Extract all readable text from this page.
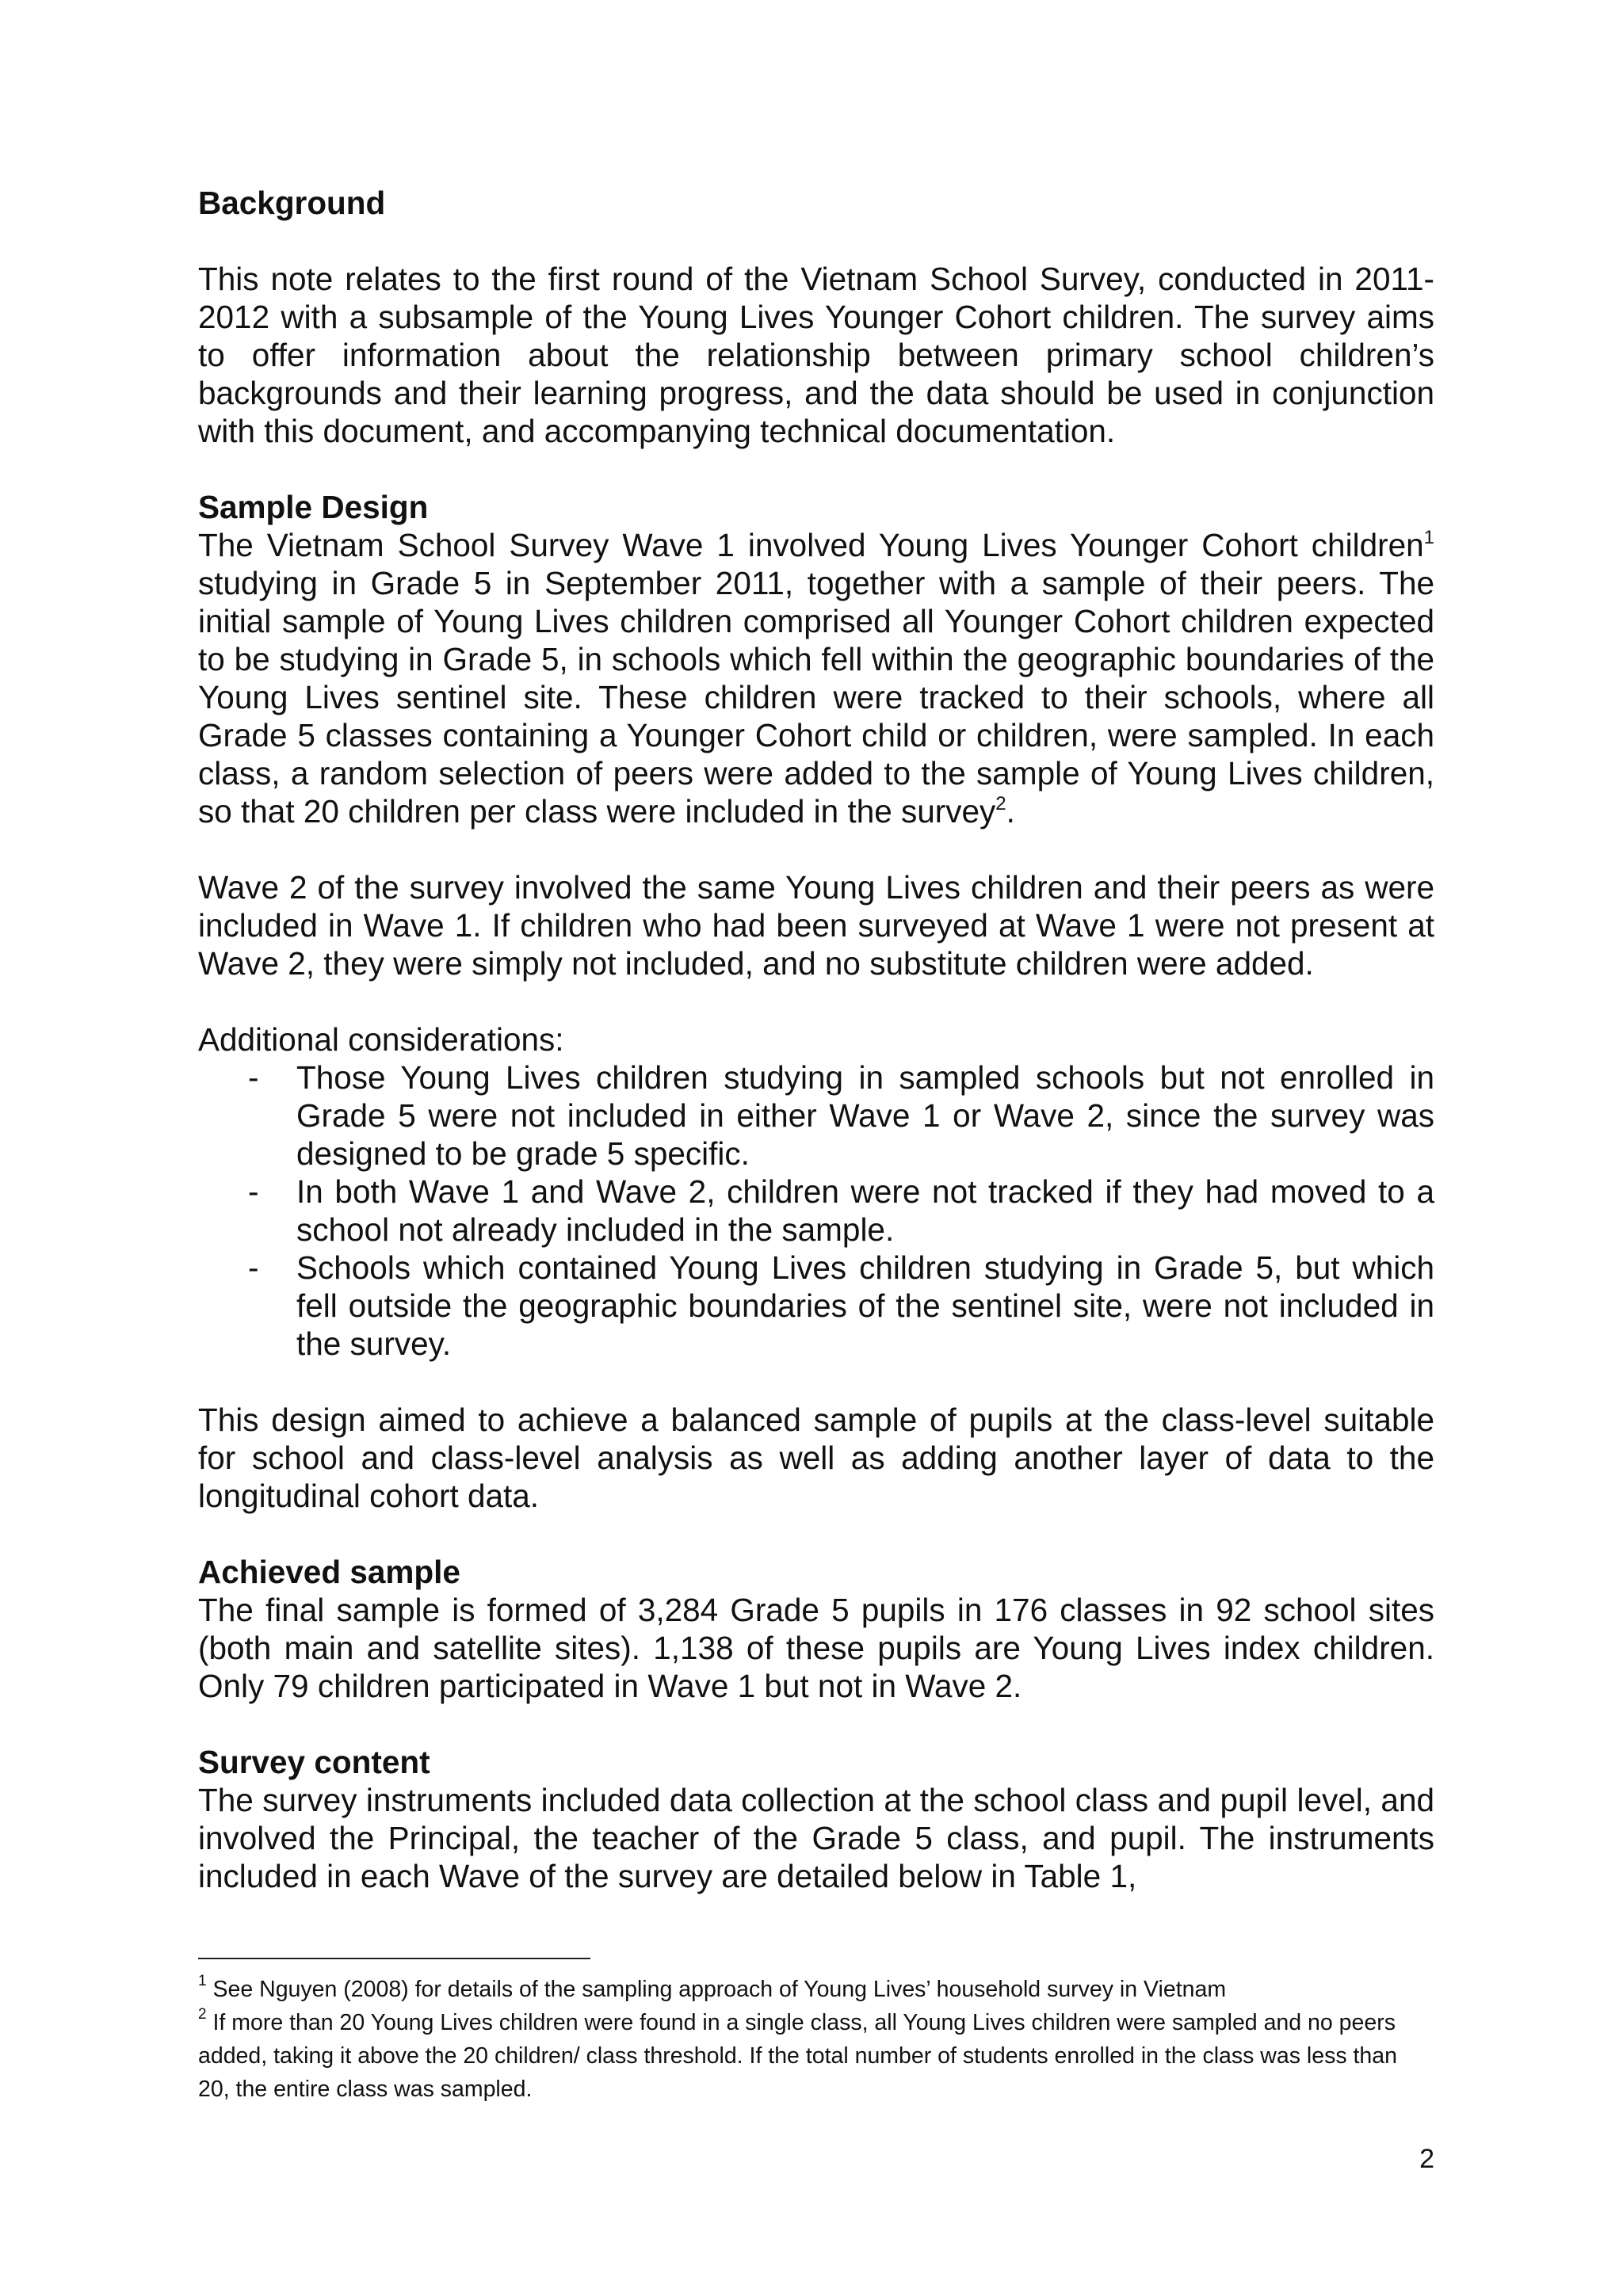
Background

This note relates to the first round of the Vietnam School Survey, conducted in 2011-2012 with a subsample of the Young Lives Younger Cohort children. The survey aims to offer information about the relationship between primary school children’s backgrounds and their learning progress, and the data should be used in conjunction with this document, and accompanying technical documentation.

Sample Design

The Vietnam School Survey Wave 1 involved Young Lives Younger Cohort children$^1$ studying in Grade 5 in September 2011, together with a sample of their peers. The initial sample of Young Lives children comprised all Younger Cohort children expected to be studying in Grade 5, in schools which fell within the geographic boundaries of the Young Lives sentinel site. These children were tracked to their schools, where all Grade 5 classes containing a Younger Cohort child or children, were sampled. In each class, a random selection of peers were added to the sample of Young Lives children, so that 20 children per class were included in the survey$^2$.

Wave 2 of the survey involved the same Young Lives children and their peers as were included in Wave 1. If children who had been surveyed at Wave 1 were not present at Wave 2, they were simply not included, and no substitute children were added.

Additional considerations:

- Those Young Lives children studying in sampled schools but not enrolled in Grade 5 were not included in either Wave 1 or Wave 2, since the survey was designed to be grade 5 specific.
- In both Wave 1 and Wave 2, children were not tracked if they had moved to a school not already included in the sample.
- Schools which contained Young Lives children studying in Grade 5, but which fell outside the geographic boundaries of the sentinel site, were not included in the survey.

This design aimed to achieve a balanced sample of pupils at the class-level suitable for school and class-level analysis as well as adding another layer of data to the longitudinal cohort data.

Achieved sample

The final sample is formed of 3,284 Grade 5 pupils in 176 classes in 92 school sites (both main and satellite sites). 1,138 of these pupils are Young Lives index children. Only 79 children participated in Wave 1 but not in Wave 2.

Survey content

The survey instruments included data collection at the school class and pupil level, and involved the Principal, the teacher of the Grade 5 class, and pupil. The instruments included in each Wave of the survey are detailed below in Table 1,

$^1$ See Nguyen (2008) for details of the sampling approach of Young Lives’ household survey in Vietnam

$^2$ If more than 20 Young Lives children were found in a single class, all Young Lives children were sampled and no peers added, taking it above the 20 children/ class threshold. If the total number of students enrolled in the class was less than 20, the entire class was sampled.

2
